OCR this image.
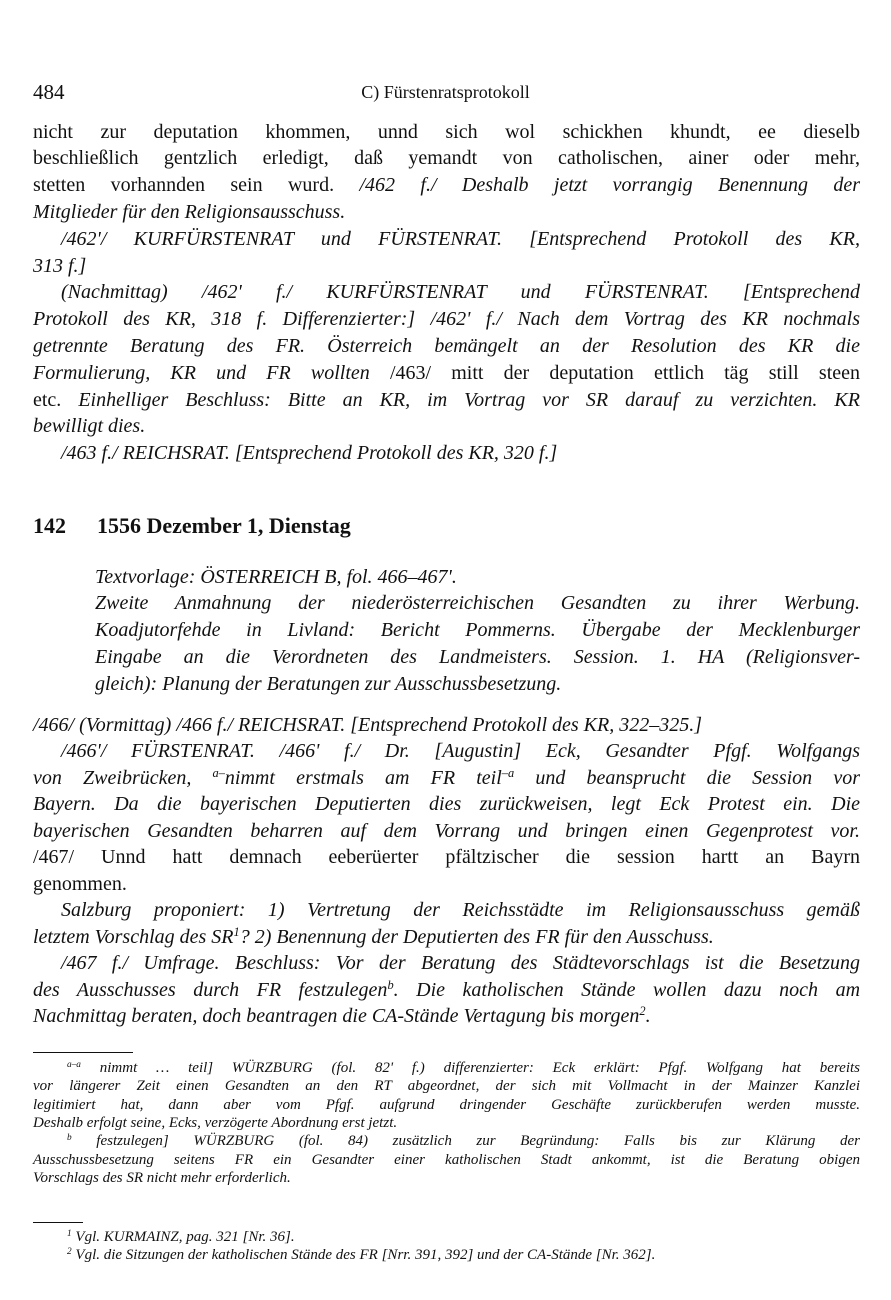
484	C) Fürstenratsprotokoll
nicht zur deputation khommen, unnd sich wol schickhen khundt, ee dieselb
beschließlich gentzlich erledigt, daß yemandt von catholischen, ainer oder mehr,
stetten vorhannden sein wurd. /462 f./ Deshalb jetzt vorrangig Benennung der
Mitglieder für den Religionsausschuss.
/462'/ KURFÜRSTENRAT und FÜRSTENRAT. [Entsprechend Protokoll des KR,
313 f.]
(Nachmittag) /462' f./ KURFÜRSTENRAT und FÜRSTENRAT. [Entsprechend
Protokoll des KR, 318 f. Differenzierter:] /462' f./ Nach dem Vortrag des KR nochmals
getrennte Beratung des FR. Österreich bemängelt an der Resolution des KR die
Formulierung, KR und FR wollten /463/ mitt der deputation ettlich täg still steen
etc. Einhelliger Beschluss: Bitte an KR, im Vortrag vor SR darauf zu verzichten. KR
bewilligt dies.
/463 f./ REICHSRAT. [Entsprechend Protokoll des KR, 320 f.]
142 1556 Dezember 1, Dienstag
Textvorlage: ÖSTERREICH B, fol. 466–467'.
Zweite Anmahnung der niederösterreichischen Gesandten zu ihrer Werbung.
Koadjutorfehde in Livland: Bericht Pommerns. Übergabe der Mecklenburger
Eingabe an die Verordneten des Landmeisters. Session. 1. HA (Religionsver-
gleich): Planung der Beratungen zur Ausschussbesetzung.
/466/ (Vormittag) /466 f./ REICHSRAT. [Entsprechend Protokoll des KR, 322–325.]
/466'/ FÜRSTENRAT. /466' f./ Dr. [Augustin] Eck, Gesandter Pfgf. Wolfgangs
von Zweibrücken, $^{a-}$nimmt erstmals am FR teil$^{-a}$ und beansprucht die Session vor
Bayern. Da die bayerischen Deputierten dies zurückweisen, legt Eck Protest ein. Die
bayerischen Gesandten beharren auf dem Vorrang und bringen einen Gegenprotest vor.
/467/ Unnd hatt demnach eeberüerter pfältzischer die session hartt an Bayrn
genommen.
Salzburg proponiert: 1) Vertretung der Reichsstädte im Religionsausschuss gemäß
letztem Vorschlag des $SR^1$? 2) Benennung der Deputierten des FR für den Ausschuss.
/467 f./ Umfrage. Beschluss: Vor der Beratung des Städtevorschlags ist die Besetzung
des Ausschusses durch FR festzulegen$^b$. Die katholischen Stände wollen dazu noch am
Nachmittag beraten, doch beantragen die CA-Stände Vertagung bis morgen$^2$.
$^{a-a}$ nimmt … teil] WÜRZBURG (fol. 82' f.) differenzierter: Eck erklärt: Pfgf. Wolfgang hat bereits
vor längerer Zeit einen Gesandten an den RT abgeordnet, der sich mit Vollmacht in der Mainzer Kanzlei
legitimiert hat, dann aber vom Pfgf. aufgrund dringender Geschäfte zurückberufen werden musste.
Deshalb erfolgt seine, Ecks, verzögerte Abordnung erst jetzt.
$^b$ festzulegen] WÜRZBURG (fol. 84) zusätzlich zur Begründung: Falls bis zur Klärung der
Ausschussbesetzung seitens FR ein Gesandter einer katholischen Stadt ankommt, ist die Beratung obigen
Vorschlags des SR nicht mehr erforderlich.
$^1$ Vgl. KURMAINZ, pag. 321 [Nr. 36].
$^2$ Vgl. die Sitzungen der katholischen Stände des FR [Nrr. 391, 392] und der CA-Stände [Nr. 362].
